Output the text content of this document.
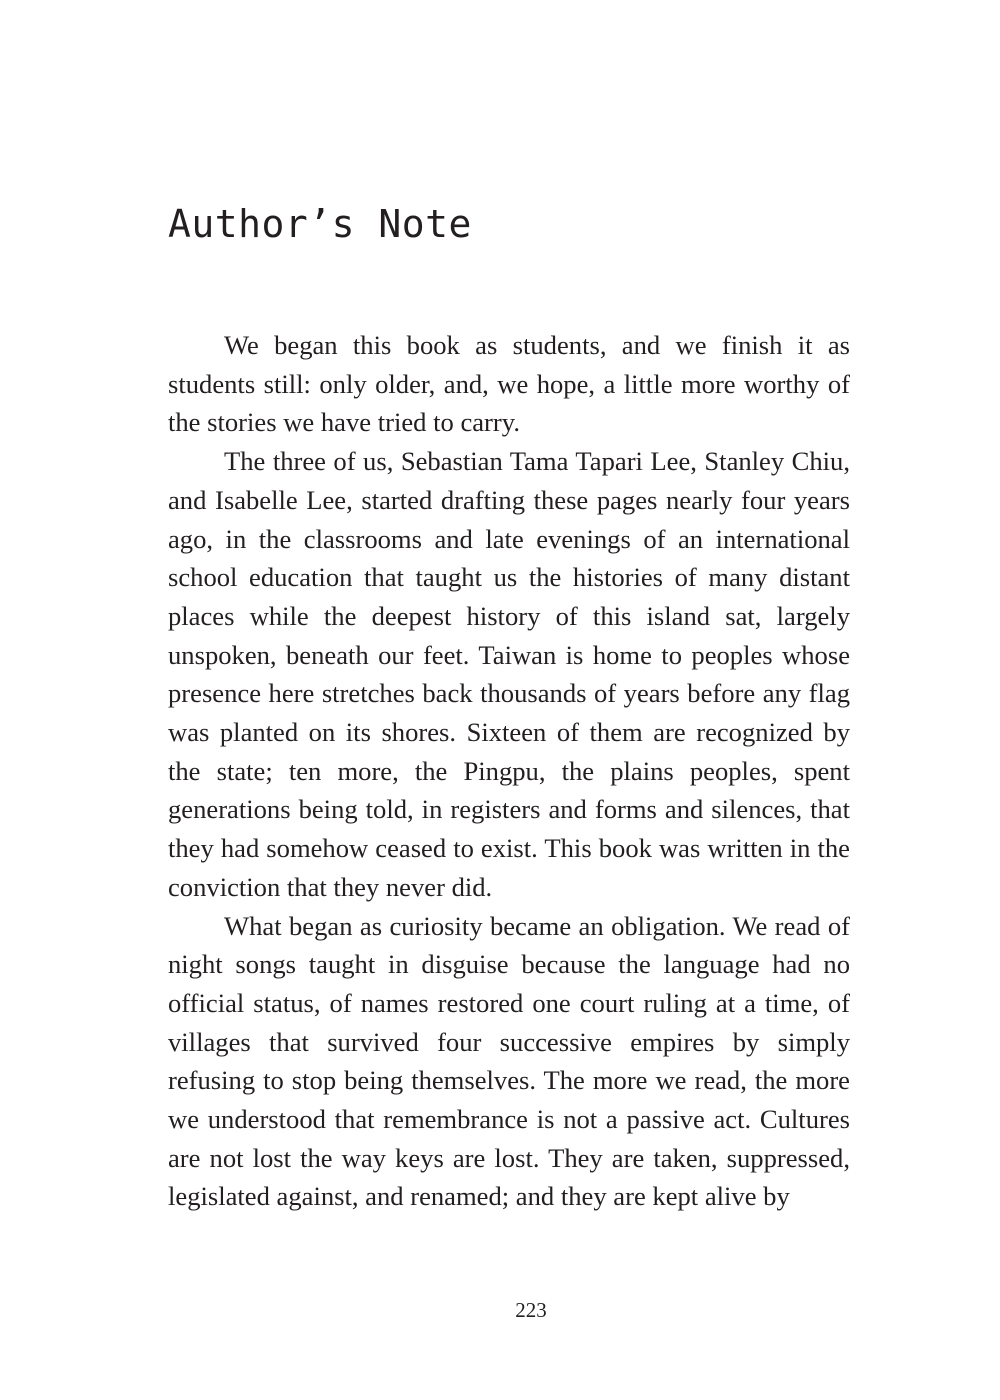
Author’s Note

We began this book as students, and we finish it as students still: only older, and, we hope, a little more worthy of the stories we have tried to carry.

The three of us, Sebastian Tama Tapari Lee, Stanley Chiu, and Isabelle Lee, started drafting these pages nearly four years ago, in the classrooms and late evenings of an international school education that taught us the histories of many distant places while the deepest history of this island sat, largely unspoken, beneath our feet. Taiwan is home to peoples whose presence here stretches back thousands of years before any flag was planted on its shores. Sixteen of them are recognized by the state; ten more, the Pingpu, the plains peoples, spent generations being told, in registers and forms and silences, that they had somehow ceased to exist. This book was written in the conviction that they never did.

What began as curiosity became an obligation. We read of night songs taught in disguise because the language had no official status, of names restored one court ruling at a time, of villages that survived four successive empires by simply refusing to stop being themselves. The more we read, the more we understood that remembrance is not a passive act. Cultures are not lost the way keys are lost. They are taken, suppressed, legislated against, and renamed; and they are kept alive by

223
